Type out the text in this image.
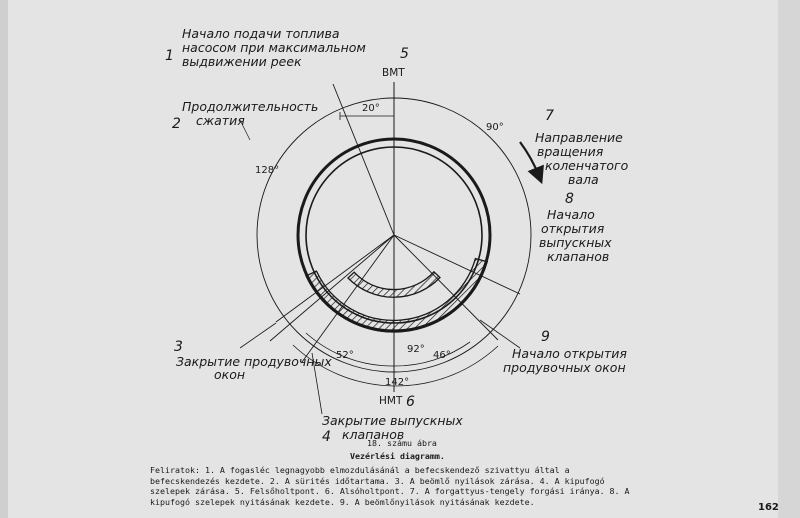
20°
90°
128°
52°
92°
46°
142°
5
ВМТ
НМТ 6
1
Начало подачи топлива
насосом при максимальном
выдвижении реек
2
Продолжительность
сжатия	7
Направление
вращения
коленчатого
вала
8
Начало
открытия
выпускных
клапанов
3
Закрытие продувочных
окон
9
Начало открытия
продувочных окон
Закрытие выпускных
4 клапанов
18. számu ábra
Vezérlési diagramm.
Feliratok: 1. A fogasléc legnagyobb elmozdulásánál a befecskendező szivattyu által a befecskendezés kezdete. 2. A sürités időtartama. 3. A beömlő nyilások zárása. 4. A kipufogó szelepek zárása. 5. Felsőholtpont. 6. Alsóholtpont. 7. A forgattyus-tengely forgási iránya. 8. A kipufogó szelepek nyitásának kezdete. 9. A beömlőnyilások nyitásának kezdete.
162
